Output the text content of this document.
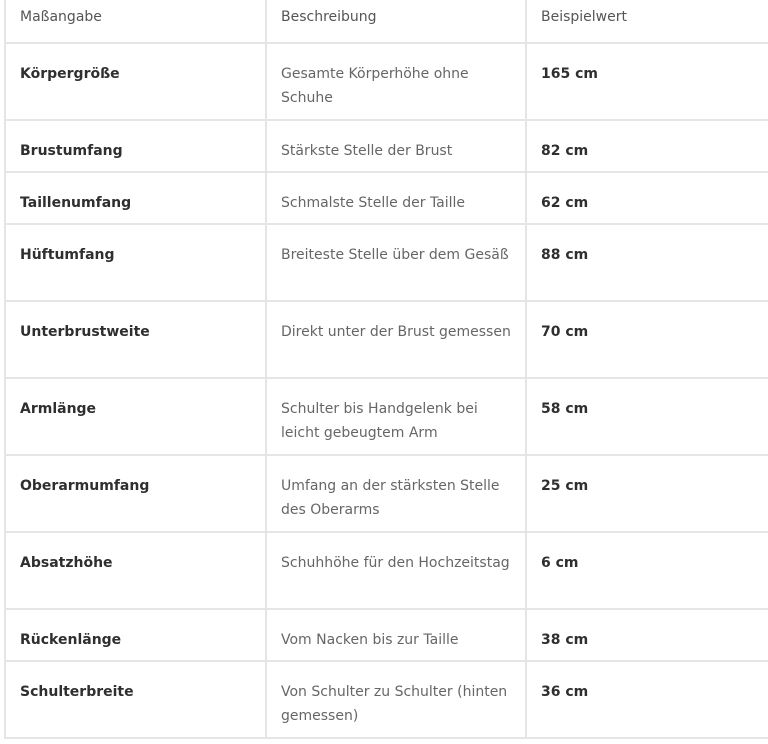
Maßangabe	Beschreibung	Beispielwert
Körpergröße	Gesamte Körperhöhe ohne Schuhe	165 cm
Brustumfang	Stärkste Stelle der Brust	82 cm
Taillenumfang	Schmalste Stelle der Taille	62 cm
Hüftumfang	Breiteste Stelle über dem Gesäß	88 cm
Unterbrustweite	Direkt unter der Brust gemessen	70 cm
Armlänge	Schulter bis Handgelenk bei leicht gebeugtem Arm	58 cm
Oberarmumfang	Umfang an der stärksten Stelle des Oberarms	25 cm
Absatzhöhe	Schuhhöhe für den Hochzeitstag	6 cm
Rückenlänge	Vom Nacken bis zur Taille	38 cm
Schulterbreite	Von Schulter zu Schulter (hinten gemessen)	36 cm
